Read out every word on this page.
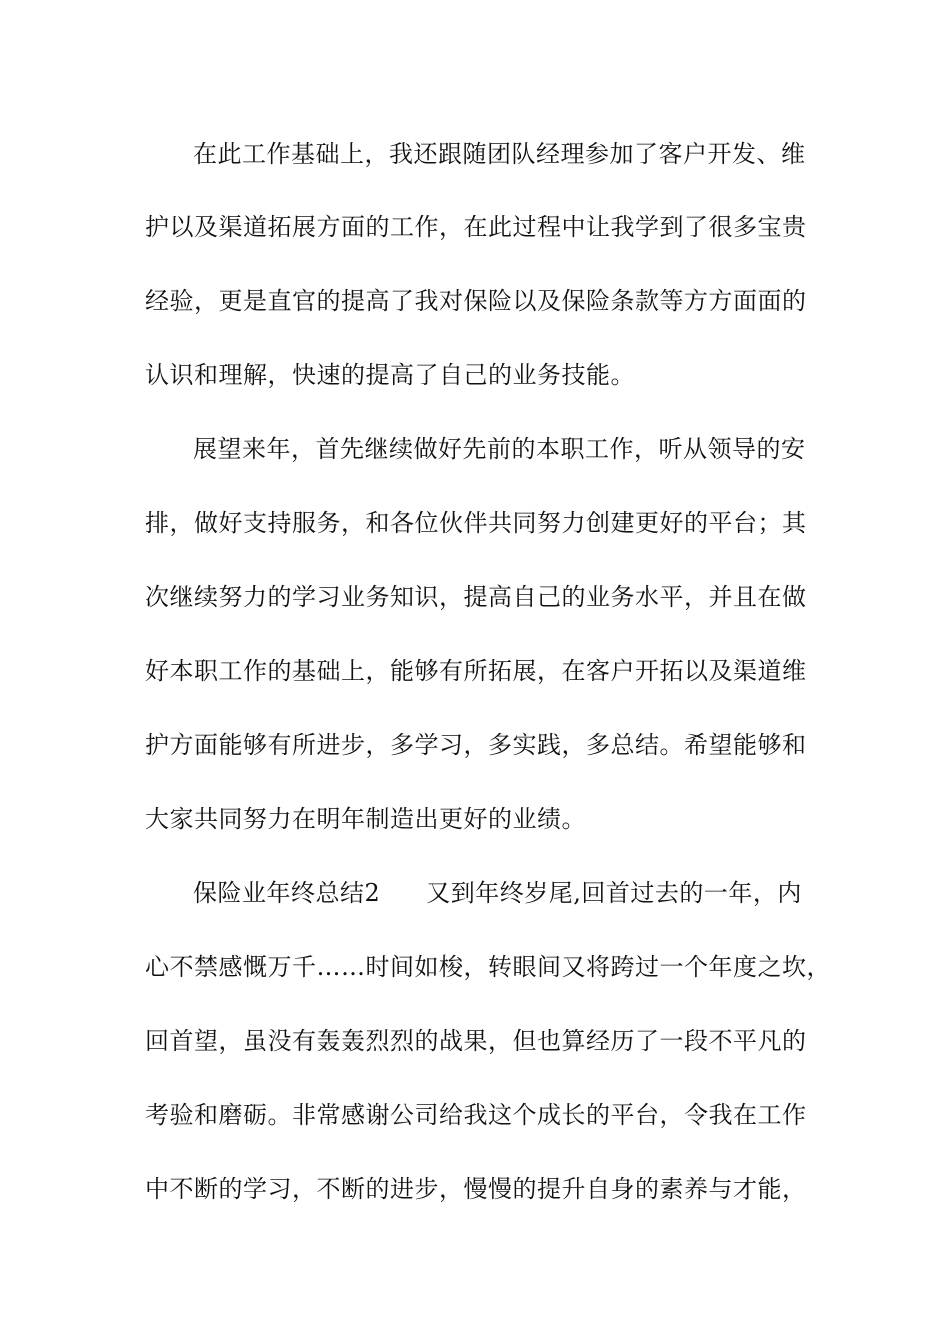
在此工作基础上，我还跟随团队经理参加了客户开发、维
护以及渠道拓展方面的工作，在此过程中让我学到了很多宝贵
经验，更是直官的提高了我对保险以及保险条款等方方面面的
认识和理解，快速的提高了自己的业务技能。
展望来年，首先继续做好先前的本职工作，听从领导的安
排，做好支持服务，和各位伙伴共同努力创建更好的平台；其
次继续努力的学习业务知识，提高自己的业务水平，并且在做
好本职工作的基础上，能够有所拓展，在客户开拓以及渠道维
护方面能够有所进步，多学习，多实践，多总结。希望能够和
大家共同努力在明年制造出更好的业绩。
保险业年终总结2 又到年终岁尾,回首过去的一年，内
心不禁感慨万千……时间如梭，转眼间又将跨过一个年度之坎，
回首望，虽没有轰轰烈烈的战果，但也算经历了一段不平凡的
考验和磨砺。非常感谢公司给我这个成长的平台，令我在工作
中不断的学习，不断的进步，慢慢的提升自身的素养与才能，
